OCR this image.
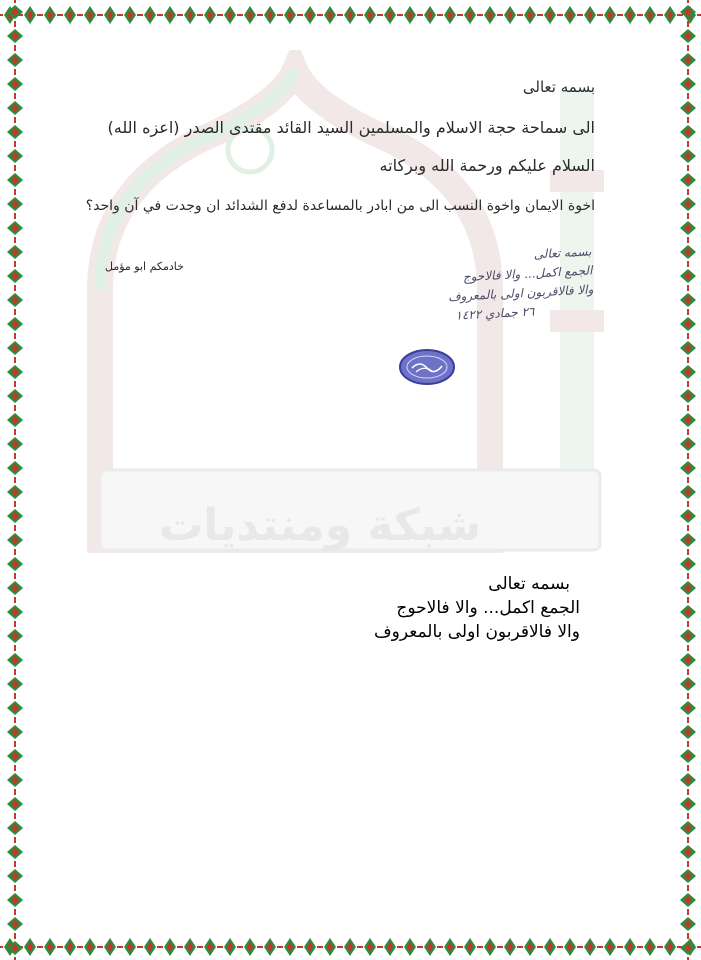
شبكة ومنتديات
بسمه تعالى
الى سماحة حجة الاسلام والمسلمين السيد القائد مقتدى الصدر (اعزه الله)
السلام عليكم ورحمة الله وبركاته
اخوة الايمان واخوة النسب الى من ابادر بالمساعدة لدفع الشدائد ان وجدت في آن واحد؟
خادمكم ابو مؤمل
بسمه تعالى
الجمع اكمل... والا فالاحوج
والا فالاقربون اولى بالمعروف
٢٦ جمادي ١٤٢٢
بسمه تعالى
الجمع اكمل... والا فالاحوج
والا فالاقربون اولى بالمعروف
